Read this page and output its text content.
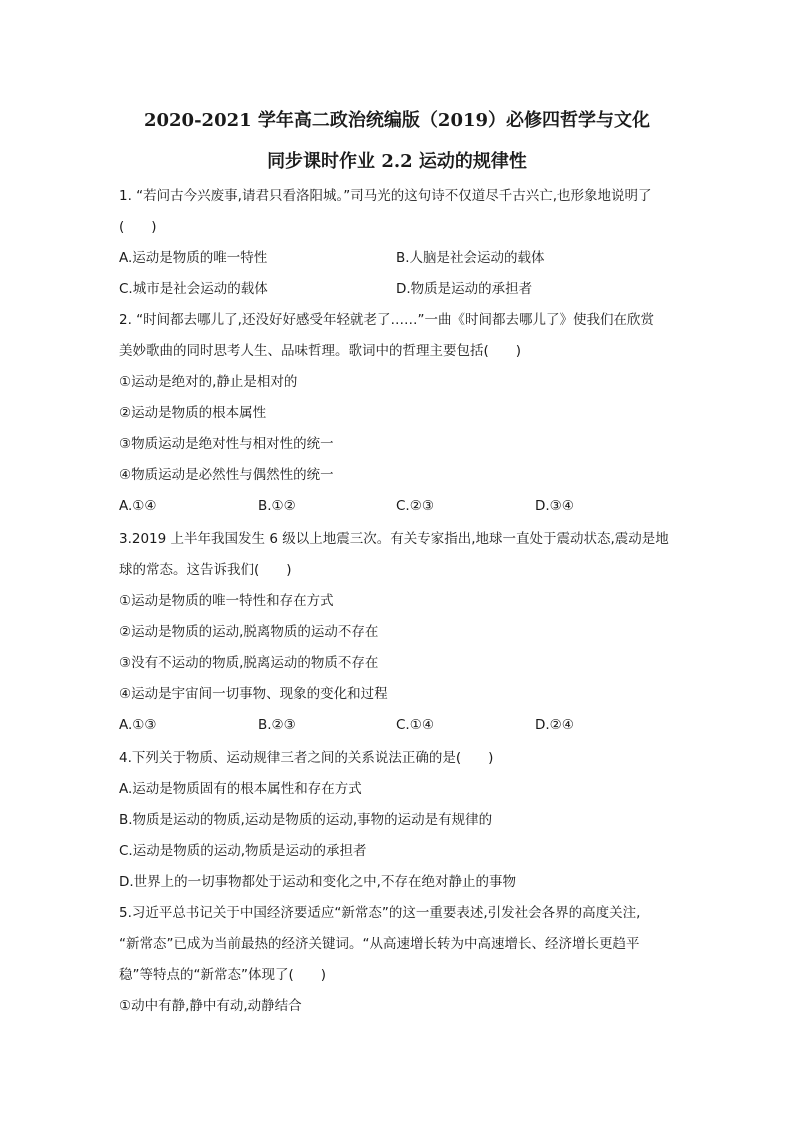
2020-2021 学年高二政治统编版（2019）必修四哲学与文化
同步课时作业 2.2 运动的规律性
1. “若问古今兴废事,请君只看洛阳城。”司马光的这句诗不仅道尽千古兴亡,也形象地说明了
(　　)
A.运动是物质的唯一特性	B.人脑是社会运动的载体
C.城市是社会运动的载体	D.物质是运动的承担者
2. “时间都去哪儿了,还没好好感受年轻就老了……”一曲《时间都去哪儿了》使我们在欣赏
美妙歌曲的同时思考人生、品味哲理。歌词中的哲理主要包括(　　)
①运动是绝对的,静止是相对的
②运动是物质的根本属性
③物质运动是绝对性与相对性的统一
④物质运动是必然性与偶然性的统一
A.①④	B.①②	C.②③	D.③④
3.2019 上半年我国发生 6 级以上地震三次。有关专家指出,地球一直处于震动状态,震动是地
球的常态。这告诉我们(　　)
①运动是物质的唯一特性和存在方式
②运动是物质的运动,脱离物质的运动不存在
③没有不运动的物质,脱离运动的物质不存在
④运动是宇宙间一切事物、现象的变化和过程
A.①③	B.②③	C.①④	D.②④
4.下列关于物质、运动规律三者之间的关系说法正确的是(　　)
A.运动是物质固有的根本属性和存在方式
B.物质是运动的物质,运动是物质的运动,事物的运动是有规律的
C.运动是物质的运动,物质是运动的承担者
D.世界上的一切事物都处于运动和变化之中,不存在绝对静止的事物
5.习近平总书记关于中国经济要适应“新常态”的这一重要表述,引发社会各界的高度关注,
“新常态”已成为当前最热的经济关键词。“从高速增长转为中高速增长、经济增长更趋平
稳”等特点的“新常态”体现了(　　)
①动中有静,静中有动,动静结合
